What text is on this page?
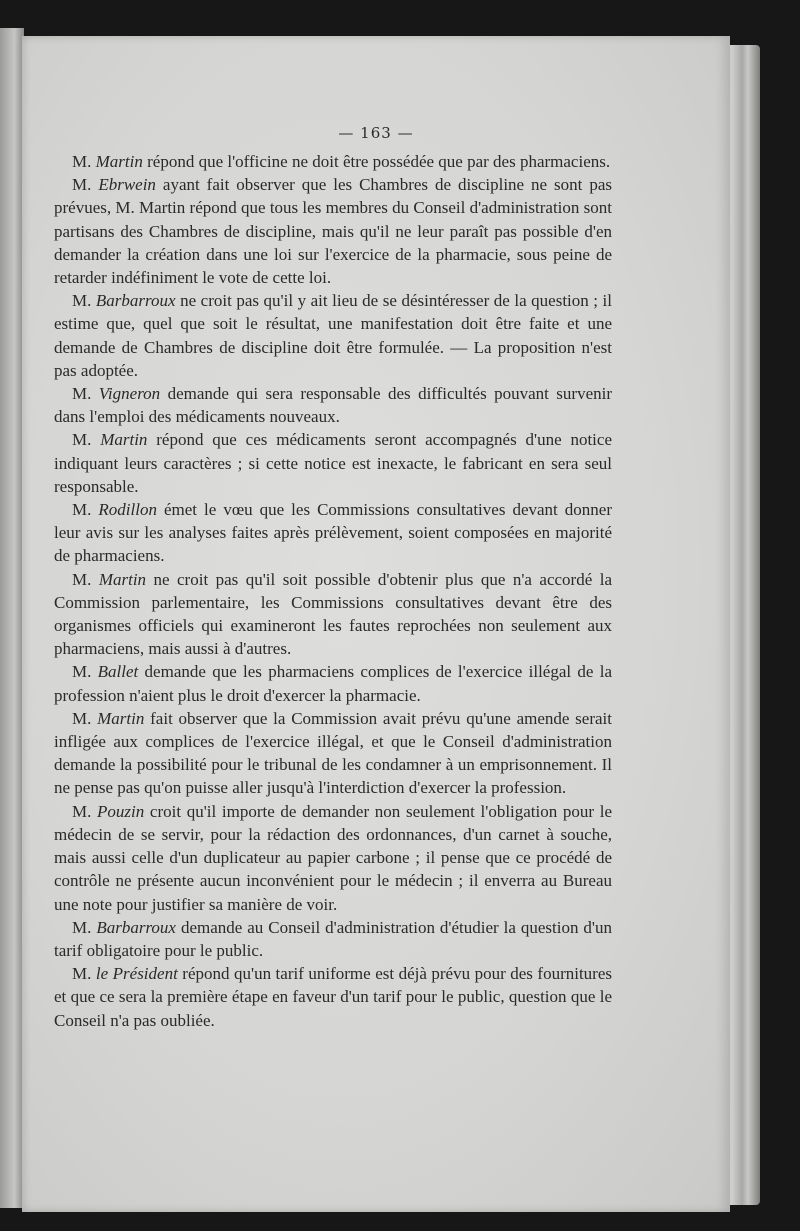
— 163 —

M. Martin répond que l'officine ne doit être possédée que par des pharmaciens.

M. Ebrwein ayant fait observer que les Chambres de discipline ne sont pas prévues, M. Martin répond que tous les membres du Conseil d'administration sont partisans des Chambres de discipline, mais qu'il ne leur paraît pas possible d'en demander la création dans une loi sur l'exercice de la pharmacie, sous peine de retarder indéfiniment le vote de cette loi.

M. Barbarroux ne croit pas qu'il y ait lieu de se désintéresser de la question ; il estime que, quel que soit le résultat, une manifestation doit être faite et une demande de Chambres de discipline doit être formulée. — La proposition n'est pas adoptée.

M. Vigneron demande qui sera responsable des difficultés pouvant survenir dans l'emploi des médicaments nouveaux.

M. Martin répond que ces médicaments seront accompagnés d'une notice indiquant leurs caractères ; si cette notice est inexacte, le fabricant en sera seul responsable.

M. Rodillon émet le vœu que les Commissions consultatives devant donner leur avis sur les analyses faites après prélèvement, soient composées en majorité de pharmaciens.

M. Martin ne croit pas qu'il soit possible d'obtenir plus que n'a accordé la Commission parlementaire, les Commissions consultatives devant être des organismes officiels qui examineront les fautes reprochées non seulement aux pharmaciens, mais aussi à d'autres.

M. Ballet demande que les pharmaciens complices de l'exercice illégal de la profession n'aient plus le droit d'exercer la pharmacie.

M. Martin fait observer que la Commission avait prévu qu'une amende serait infligée aux complices de l'exercice illégal, et que le Conseil d'administration demande la possibilité pour le tribunal de les condamner à un emprisonnement. Il ne pense pas qu'on puisse aller jusqu'à l'interdiction d'exercer la profession.

M. Pouzin croit qu'il importe de demander non seulement l'obligation pour le médecin de se servir, pour la rédaction des ordonnances, d'un carnet à souche, mais aussi celle d'un duplicateur au papier carbone ; il pense que ce procédé de contrôle ne présente aucun inconvénient pour le médecin ; il enverra au Bureau une note pour justifier sa manière de voir.

M. Barbarroux demande au Conseil d'administration d'étudier la question d'un tarif obligatoire pour le public.

M. le Président répond qu'un tarif uniforme est déjà prévu pour des fournitures et que ce sera la première étape en faveur d'un tarif pour le public, question que le Conseil n'a pas oubliée.
